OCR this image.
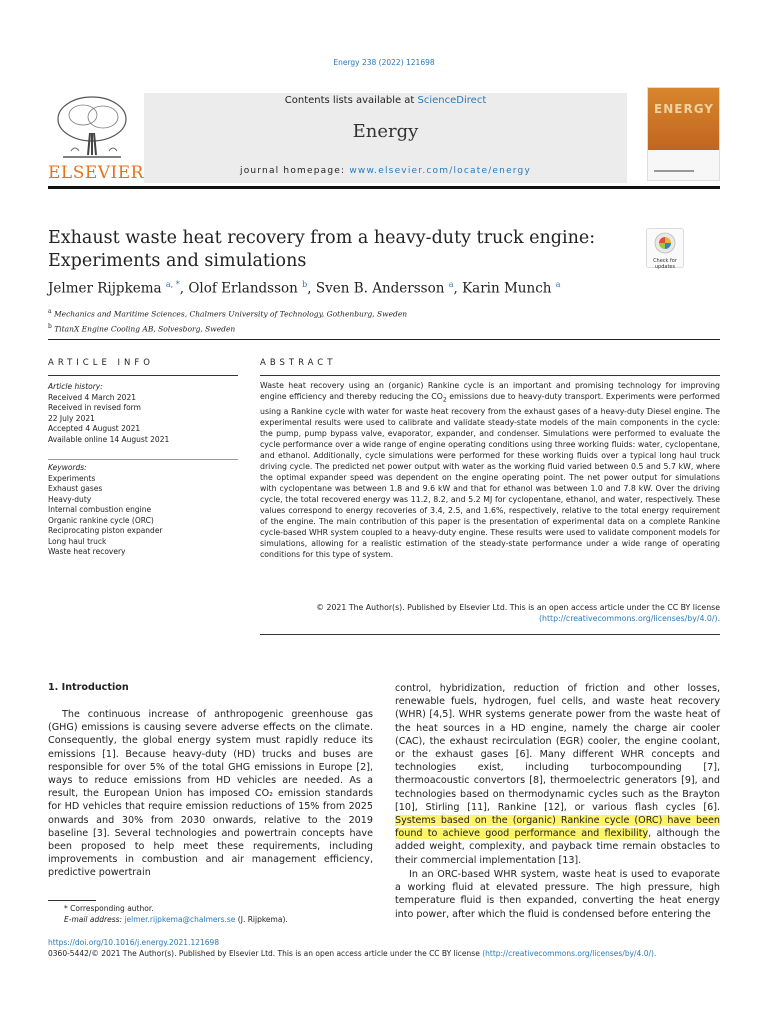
Energy 238 (2022) 121698
ELSEVIER
Contents lists available at ScienceDirect
Energy
journal homepage: www.elsevier.com/locate/energy
ENERGY
Exhaust waste heat recovery from a heavy-duty truck engine:
Experiments and simulations	Check for updates
Jelmer Rijpkema $^{a, *}$, Olof Erlandsson $^b$, Sven B. Andersson $^a$, Karin Munch $^a$
$^a$ Mechanics and Maritime Sciences, Chalmers University of Technology, Gothenburg, Sweden
$^b$ TitanX Engine Cooling AB, Solvesborg, Sweden
ARTICLE INFO
Article history:
Received 4 March 2021
Received in revised form
22 July 2021
Accepted 4 August 2021
Available online 14 August 2021
Keywords:
Experiments
Exhaust gases
Heavy-duty
Internal combustion engine
Organic rankine cycle (ORC)
Reciprocating piston expander
Long haul truck
Waste heat recovery
ABSTRACT
Waste heat recovery using an (organic) Rankine cycle is an important and promising technology for improving engine efficiency and thereby reducing the $CO_2$ emissions due to heavy-duty transport. Experiments were performed using a Rankine cycle with water for waste heat recovery from the exhaust gases of a heavy-duty Diesel engine. The experimental results were used to calibrate and validate steady-state models of the main components in the cycle: the pump, pump bypass valve, evaporator, expander, and condenser. Simulations were performed to evaluate the cycle performance over a wide range of engine operating conditions using three working fluids: water, cyclopentane, and ethanol. Additionally, cycle simulations were performed for these working fluids over a typical long haul truck driving cycle. The predicted net power output with water as the working fluid varied between 0.5 and 5.7 kW, where the optimal expander speed was dependent on the engine operating point. The net power output for simulations with cyclopentane was between 1.8 and 9.6 kW and that for ethanol was between 1.0 and 7.8 kW. Over the driving cycle, the total recovered energy was 11.2, 8.2, and 5.2 MJ for cyclopentane, ethanol, and water, respectively. These values correspond to energy recoveries of 3.4, 2.5, and 1.6%, respectively, relative to the total energy requirement of the engine. The main contribution of this paper is the presentation of experimental data on a complete Rankine cycle-based WHR system coupled to a heavy-duty engine. These results were used to validate component models for simulations, allowing for a realistic estimation of the steady-state performance under a wide range of operating conditions for this type of system.
© 2021 The Author(s). Published by Elsevier Ltd. This is an open access article under the CC BY license
(http://creativecommons.org/licenses/by/4.0/).
1. Introduction
The continuous increase of anthropogenic greenhouse gas (GHG) emissions is causing severe adverse effects on the climate. Consequently, the global energy system must rapidly reduce its emissions [1]. Because heavy-duty (HD) trucks and buses are responsible for over 5% of the total GHG emissions in Europe [2], ways to reduce emissions from HD vehicles are needed. As a result, the European Union has imposed CO₂ emission standards for HD vehicles that require emission reductions of 15% from 2025 onwards and 30% from 2030 onwards, relative to the 2019 baseline [3]. Several technologies and powertrain concepts have been proposed to help meet these requirements, including improvements in combustion and air management efficiency, predictive powertrain
control, hybridization, reduction of friction and other losses, renewable fuels, hydrogen, fuel cells, and waste heat recovery (WHR) [4,5]. WHR systems generate power from the waste heat of the heat sources in a HD engine, namely the charge air cooler (CAC), the exhaust recirculation (EGR) cooler, the engine coolant, or the exhaust gases [6]. Many different WHR concepts and technologies exist, including turbocompounding [7], thermoacoustic convertors [8], thermoelectric generators [9], and technologies based on thermodynamic cycles such as the Brayton [10], Stirling [11], Rankine [12], or various flash cycles [6]. Systems based on the (organic) Rankine cycle (ORC) have been found to achieve good performance and flexibility, although the added weight, complexity, and payback time remain obstacles to their commercial implementation [13].
In an ORC-based WHR system, waste heat is used to evaporate a working fluid at elevated pressure. The high pressure, high temperature fluid is then expanded, converting the heat energy into power, after which the fluid is condensed before entering the
* Corresponding author.
E-mail address: jelmer.rijpkema@chalmers.se (J. Rijpkema).
https://doi.org/10.1016/j.energy.2021.121698
0360-5442/© 2021 The Author(s). Published by Elsevier Ltd. This is an open access article under the CC BY license (http://creativecommons.org/licenses/by/4.0/).
